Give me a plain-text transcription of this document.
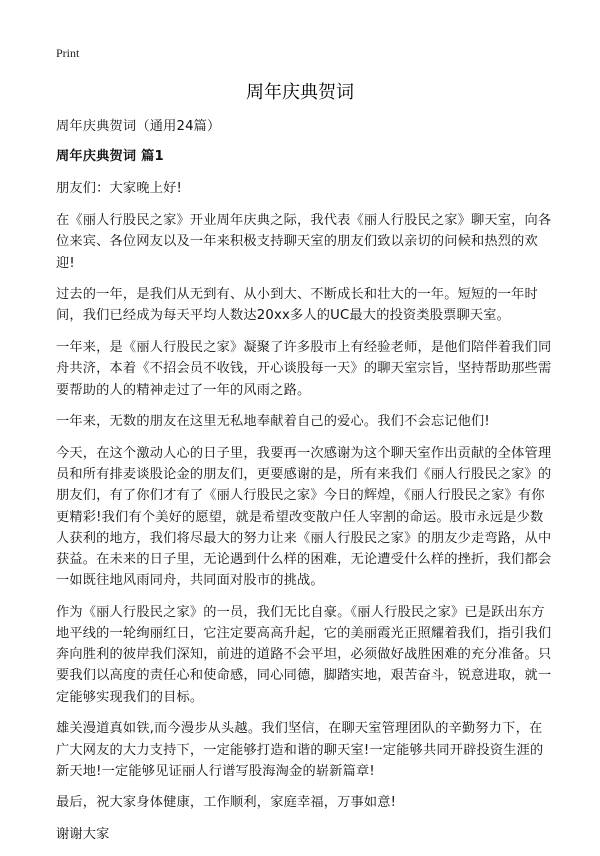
Print
周年庆典贺词

周年庆典贺词（通用24篇）

周年庆典贺词 篇1

朋友们：大家晚上好!

在《丽人行股民之家》开业周年庆典之际，我代表《丽人行股民之家》聊天室，向各位来宾、各位网友以及一年来积极支持聊天室的朋友们致以亲切的问候和热烈的欢迎!

过去的一年，是我们从无到有、从小到大、不断成长和壮大的一年。短短的一年时间，我们已经成为每天平均人数达20xx多人的UC最大的投资类股票聊天室。

一年来，是《丽人行股民之家》凝聚了许多股市上有经验老师，是他们陪伴着我们同舟共济，本着《不招会员不收钱，开心谈股每一天》的聊天室宗旨，坚持帮助那些需要帮助的人的精神走过了一年的风雨之路。

一年来，无数的朋友在这里无私地奉献着自己的爱心。我们不会忘记他们!

今天，在这个激动人心的日子里，我要再一次感谢为这个聊天室作出贡献的全体管理员和所有排麦谈股论金的朋友们，更要感谢的是，所有来我们《丽人行股民之家》的朋友们，有了你们才有了《丽人行股民之家》今日的辉煌，《丽人行股民之家》有你更精彩!我们有个美好的愿望，就是希望改变散户任人宰割的命运。股市永远是少数人获利的地方，我们将尽最大的努力让来《丽人行股民之家》的朋友少走弯路，从中获益。在未来的日子里，无论遇到什么样的困难，无论遭受什么样的挫折，我们都会一如既往地风雨同舟，共同面对股市的挑战。

作为《丽人行股民之家》的一员，我们无比自豪。《丽人行股民之家》已是跃出东方地平线的一轮绚丽红日，它注定要高高升起，它的美丽霞光正照耀着我们，指引我们奔向胜利的彼岸我们深知，前进的道路不会平坦，必须做好战胜困难的充分准备。只要我们以高度的责任心和使命感，同心同德，脚踏实地，艰苦奋斗，锐意进取，就一定能够实现我们的目标。

雄关漫道真如铁,而今漫步从头越。我们坚信，在聊天室管理团队的辛勤努力下，在广大网友的大力支持下，一定能够打造和谐的聊天室!一定能够共同开辟投资生涯的新天地!一定能够见证丽人行谱写股海淘金的崭新篇章!

最后，祝大家身体健康，工作顺利，家庭幸福，万事如意!

谢谢大家
